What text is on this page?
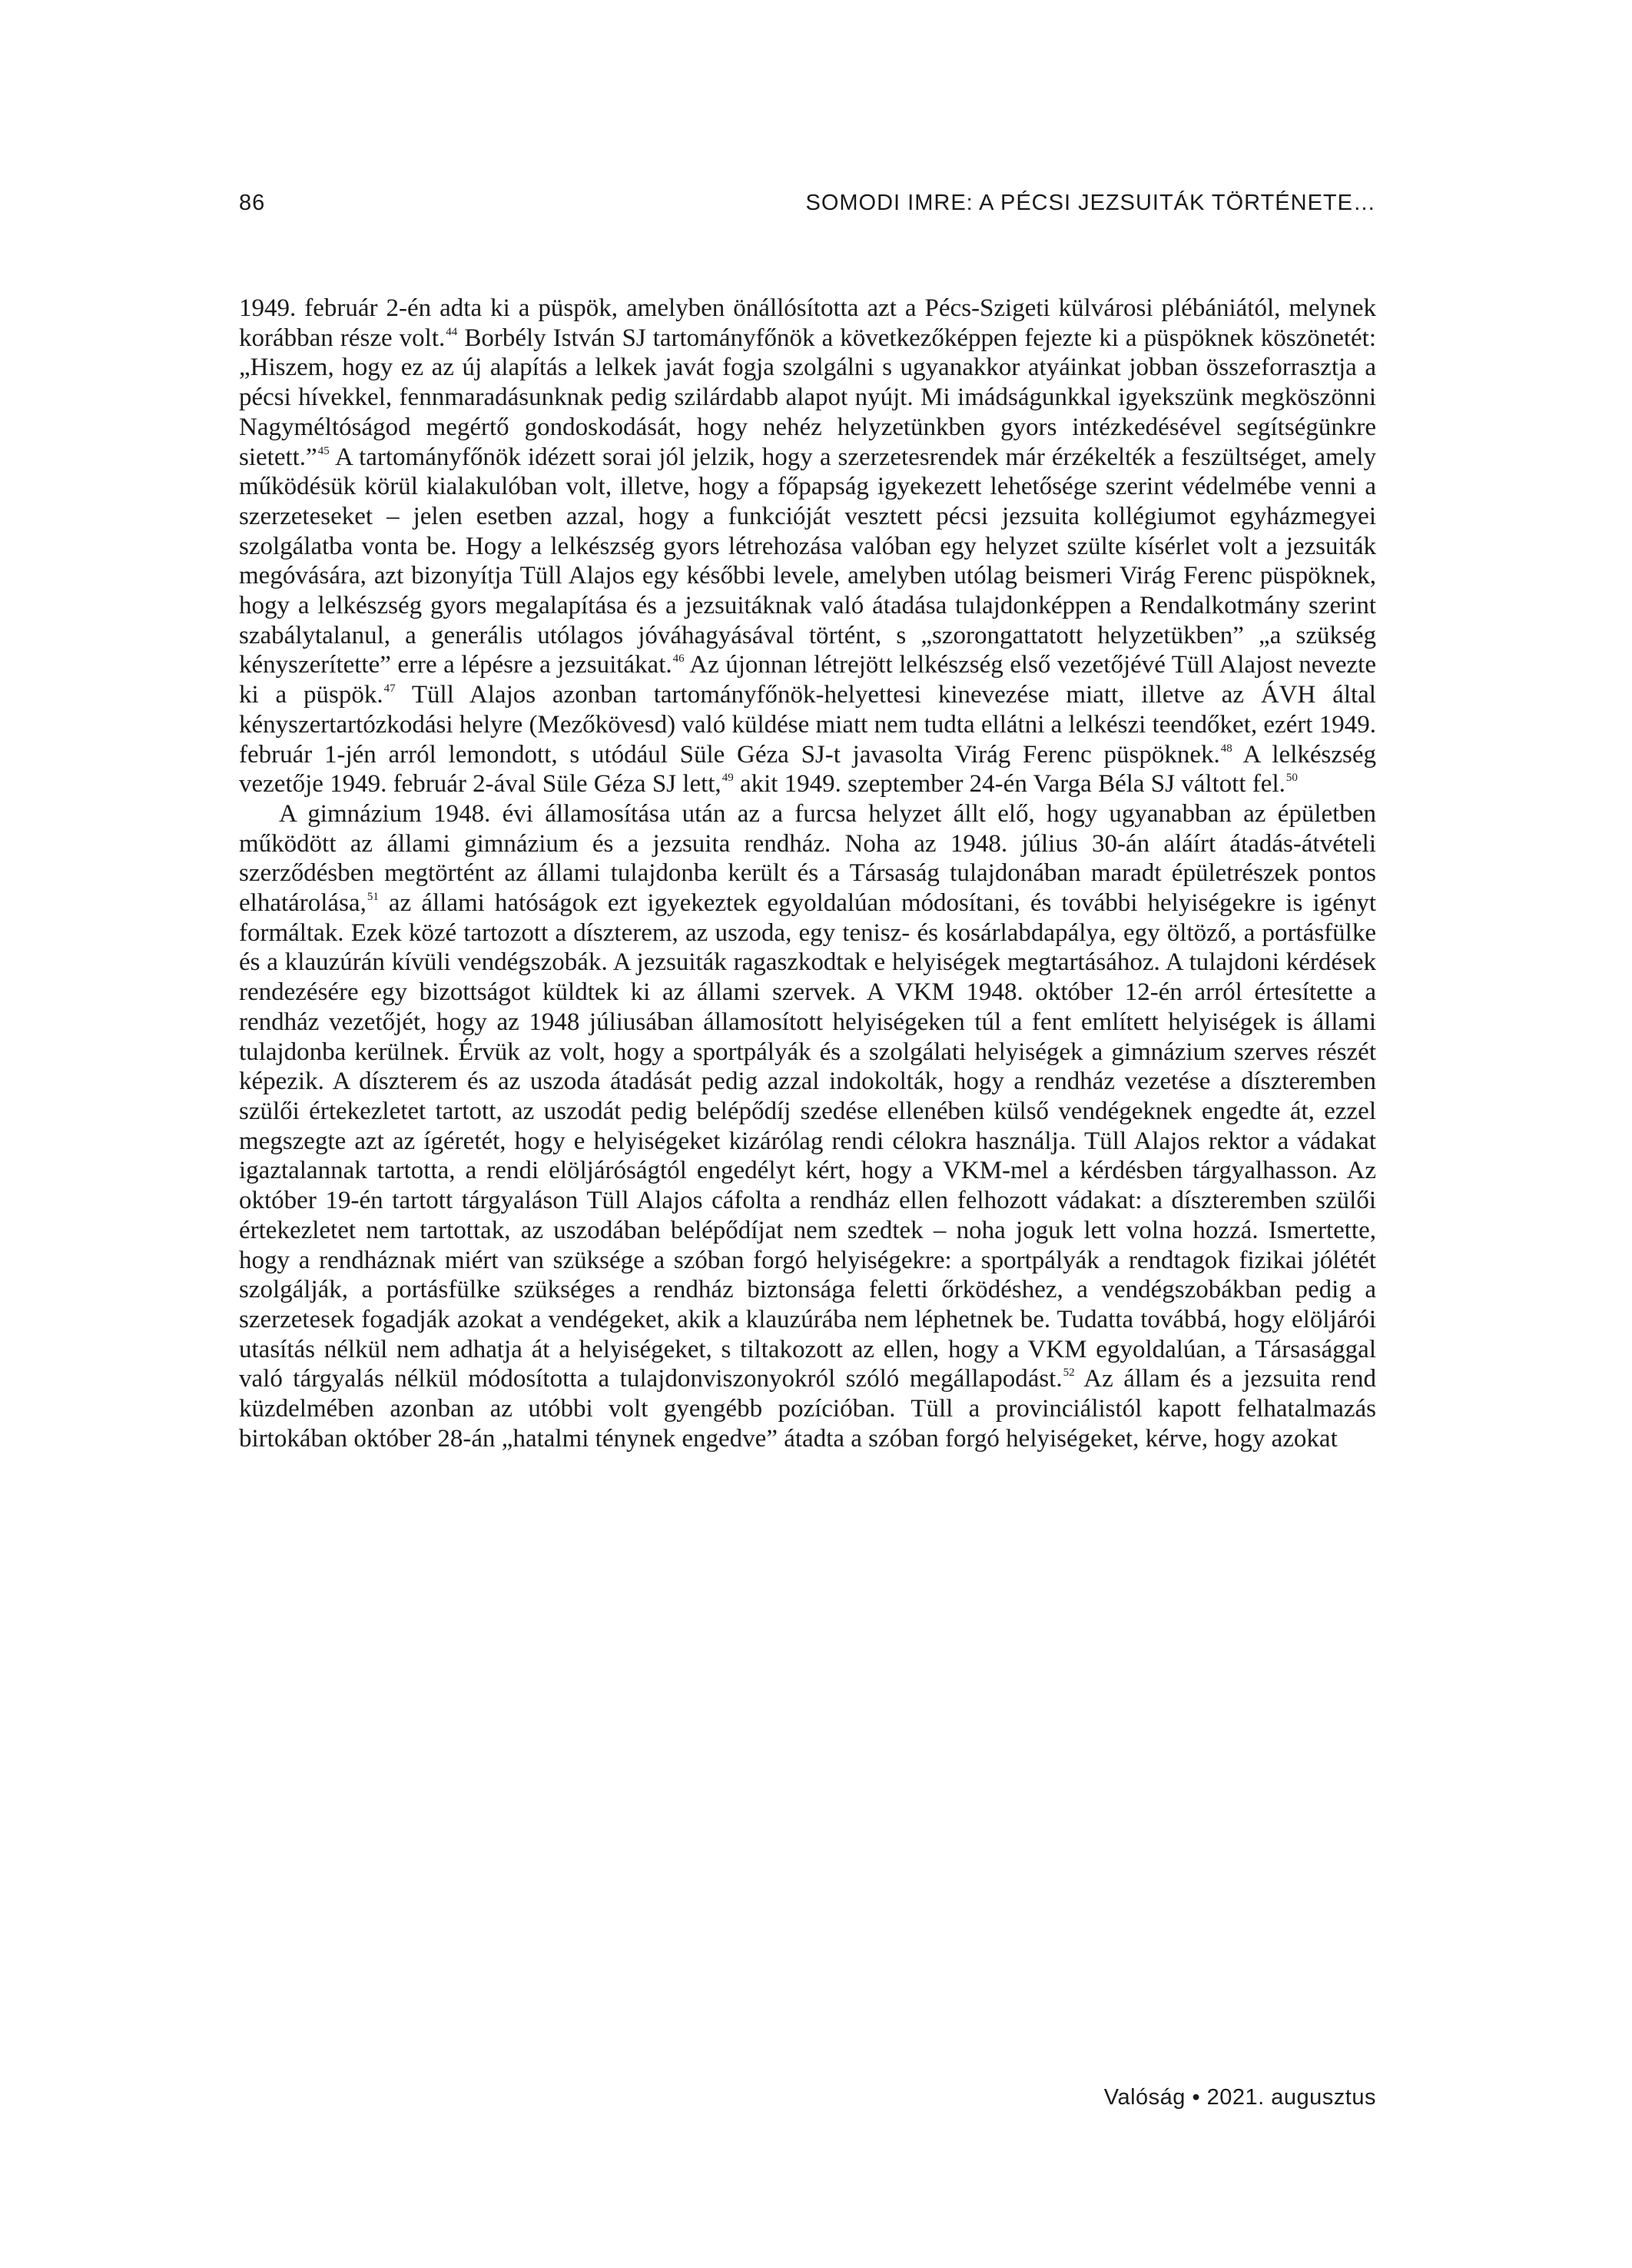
86	SOMODI IMRE: A PÉCSI JEZSUITÁK TÖRTÉNETE…

1949. február 2-én adta ki a püspök, amelyben önállósította azt a Pécs-Szigeti külvárosi plébániától, melynek korábban része volt.$^{44}$ Borbély István SJ tartományfőnök a következőképpen fejezte ki a püspöknek köszönetét: „Hiszem, hogy ez az új alapítás a lelkek javát fogja szolgálni s ugyanakkor atyáinkat jobban összeforrasztja a pécsi hívekkel, fennmaradásunknak pedig szilárdabb alapot nyújt. Mi imádságunkkal igyekszünk megköszönni Nagyméltóságod megértő gondoskodását, hogy nehéz helyzetünkben gyors intézkedésével segítségünkre sietett.”$^{45}$ A tartományfőnök idézett sorai jól jelzik, hogy a szerzetesrendek már érzékelték a feszültséget, amely működésük körül kialakulóban volt, illetve, hogy a főpapság igyekezett lehetősége szerint védelmébe venni a szerzeteseket – jelen esetben azzal, hogy a funkcióját vesztett pécsi jezsuita kollégiumot egyházmegyei szolgálatba vonta be. Hogy a lelkészség gyors létrehozása valóban egy helyzet szülte kísérlet volt a jezsuiták megóvására, azt bizonyítja Tüll Alajos egy későbbi levele, amelyben utólag beismeri Virág Ferenc püspöknek, hogy a lelkészség gyors megalapítása és a jezsuitáknak való átadása tulajdonképpen a Rendalkotmány szerint szabálytalanul, a generális utólagos jóváhagyásával történt, s „szorongattatott helyzetükben” „a szükség kényszerítette” erre a lépésre a jezsuitákat.$^{46}$ Az újonnan létrejött lelkészség első vezetőjévé Tüll Alajost nevezte ki a püspök.$^{47}$ Tüll Alajos azonban tartományfőnök-helyettesi kinevezése miatt, illetve az ÁVH által kényszertartózkodási helyre (Mezőkövesd) való küldése miatt nem tudta ellátni a lelkészi teendőket, ezért 1949. február 1-jén arról lemondott, s utódául Süle Géza SJ-t javasolta Virág Ferenc püspöknek.$^{48}$ A lelkészség vezetője 1949. február 2-ával Süle Géza SJ lett,$^{49}$ akit 1949. szeptember 24-én Varga Béla SJ váltott fel.$^{50}$

A gimnázium 1948. évi államosítása után az a furcsa helyzet állt elő, hogy ugyanabban az épületben működött az állami gimnázium és a jezsuita rendház. Noha az 1948. július 30-án aláírt átadás-átvételi szerződésben megtörtént az állami tulajdonba került és a Társaság tulajdonában maradt épületrészek pontos elhatárolása,$^{51}$ az állami hatóságok ezt igyekeztek egyoldalúan módosítani, és további helyiségekre is igényt formáltak. Ezek közé tartozott a díszterem, az uszoda, egy tenisz- és kosárlabdapálya, egy öltöző, a portásfülke és a klauzúrán kívüli vendégszobák. A jezsuiták ragaszkodtak e helyiségek megtartásához. A tulajdoni kérdések rendezésére egy bizottságot küldtek ki az állami szervek. A VKM 1948. október 12-én arról értesítette a rendház vezetőjét, hogy az 1948 júliusában államosított helyiségeken túl a fent említett helyiségek is állami tulajdonba kerülnek. Érvük az volt, hogy a sportpályák és a szolgálati helyiségek a gimnázium szerves részét képezik. A díszterem és az uszoda átadását pedig azzal indokolták, hogy a rendház vezetése a díszteremben szülői értekezletet tartott, az uszodát pedig belépődíj szedése ellenében külső vendégeknek engedte át, ezzel megszegte azt az ígéretét, hogy e helyiségeket kizárólag rendi célokra használja. Tüll Alajos rektor a vádakat igaztalannak tartotta, a rendi elöljáróságtól engedélyt kért, hogy a VKM-mel a kérdésben tárgyalhasson. Az október 19-én tartott tárgyaláson Tüll Alajos cáfolta a rendház ellen felhozott vádakat: a díszteremben szülői értekezletet nem tartottak, az uszodában belépődíjat nem szedtek – noha joguk lett volna hozzá. Ismertette, hogy a rendháznak miért van szüksége a szóban forgó helyiségekre: a sportpályák a rendtagok fizikai jólétét szolgálják, a portásfülke szükséges a rendház biztonsága feletti őrködéshez, a vendégszobákban pedig a szerzetesek fogadják azokat a vendégeket, akik a klauzúrába nem léphetnek be. Tudatta továbbá, hogy elöljárói utasítás nélkül nem adhatja át a helyiségeket, s tiltakozott az ellen, hogy a VKM egyoldalúan, a Társasággal való tárgyalás nélkül módosította a tulajdonviszonyokról szóló megállapodást.$^{52}$ Az állam és a jezsuita rend küzdelmében azonban az utóbbi volt gyengébb pozícióban. Tüll a provinciálistól kapott felhatalmazás birtokában október 28-án „hatalmi ténynek engedve” átadta a szóban forgó helyiségeket, kérve, hogy azokat

Valóság • 2021. augusztus
